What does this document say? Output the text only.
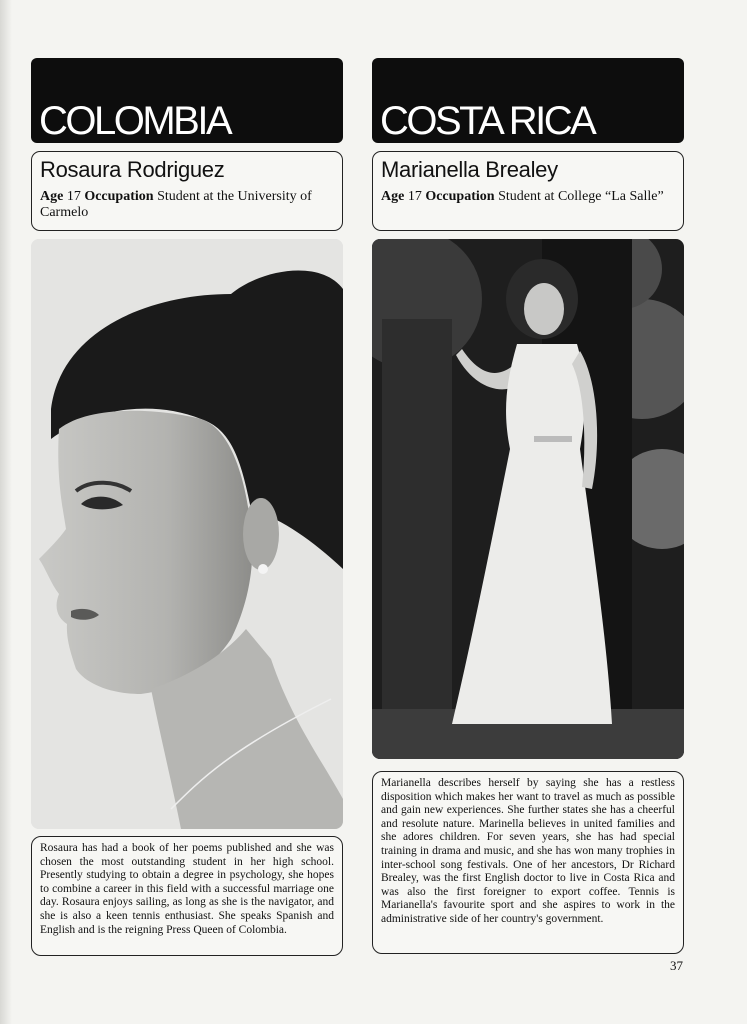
COLOMBIA
Rosaura Rodriguez
Age 17 Occupation Student at the University of Carmelo
Rosaura has had a book of her poems published and she was chosen the most outstanding student in her high school. Presently studying to obtain a degree in psychology, she hopes to combine a career in this field with a successful marriage one day. Rosaura enjoys sailing, as long as she is the navigator, and she is also a keen tennis enthusiast. She speaks Spanish and English and is the reigning Press Queen of Colombia.
COSTA RICA
Marianella Brealey
Age 17 Occupation Student at College “La Salle”
Marianella describes herself by saying she has a restless disposition which makes her want to travel as much as possible and gain new experiences. She further states she has a cheerful and resolute nature. Marinella believes in united families and she adores children. For seven years, she has had special training in drama and music, and she has won many trophies in inter-school song festivals. One of her ancestors, Dr Richard Brealey, was the first English doctor to live in Costa Rica and was also the first foreigner to export coffee. Tennis is Marianella's favourite sport and she aspires to work in the administrative side of her country's government.
37
